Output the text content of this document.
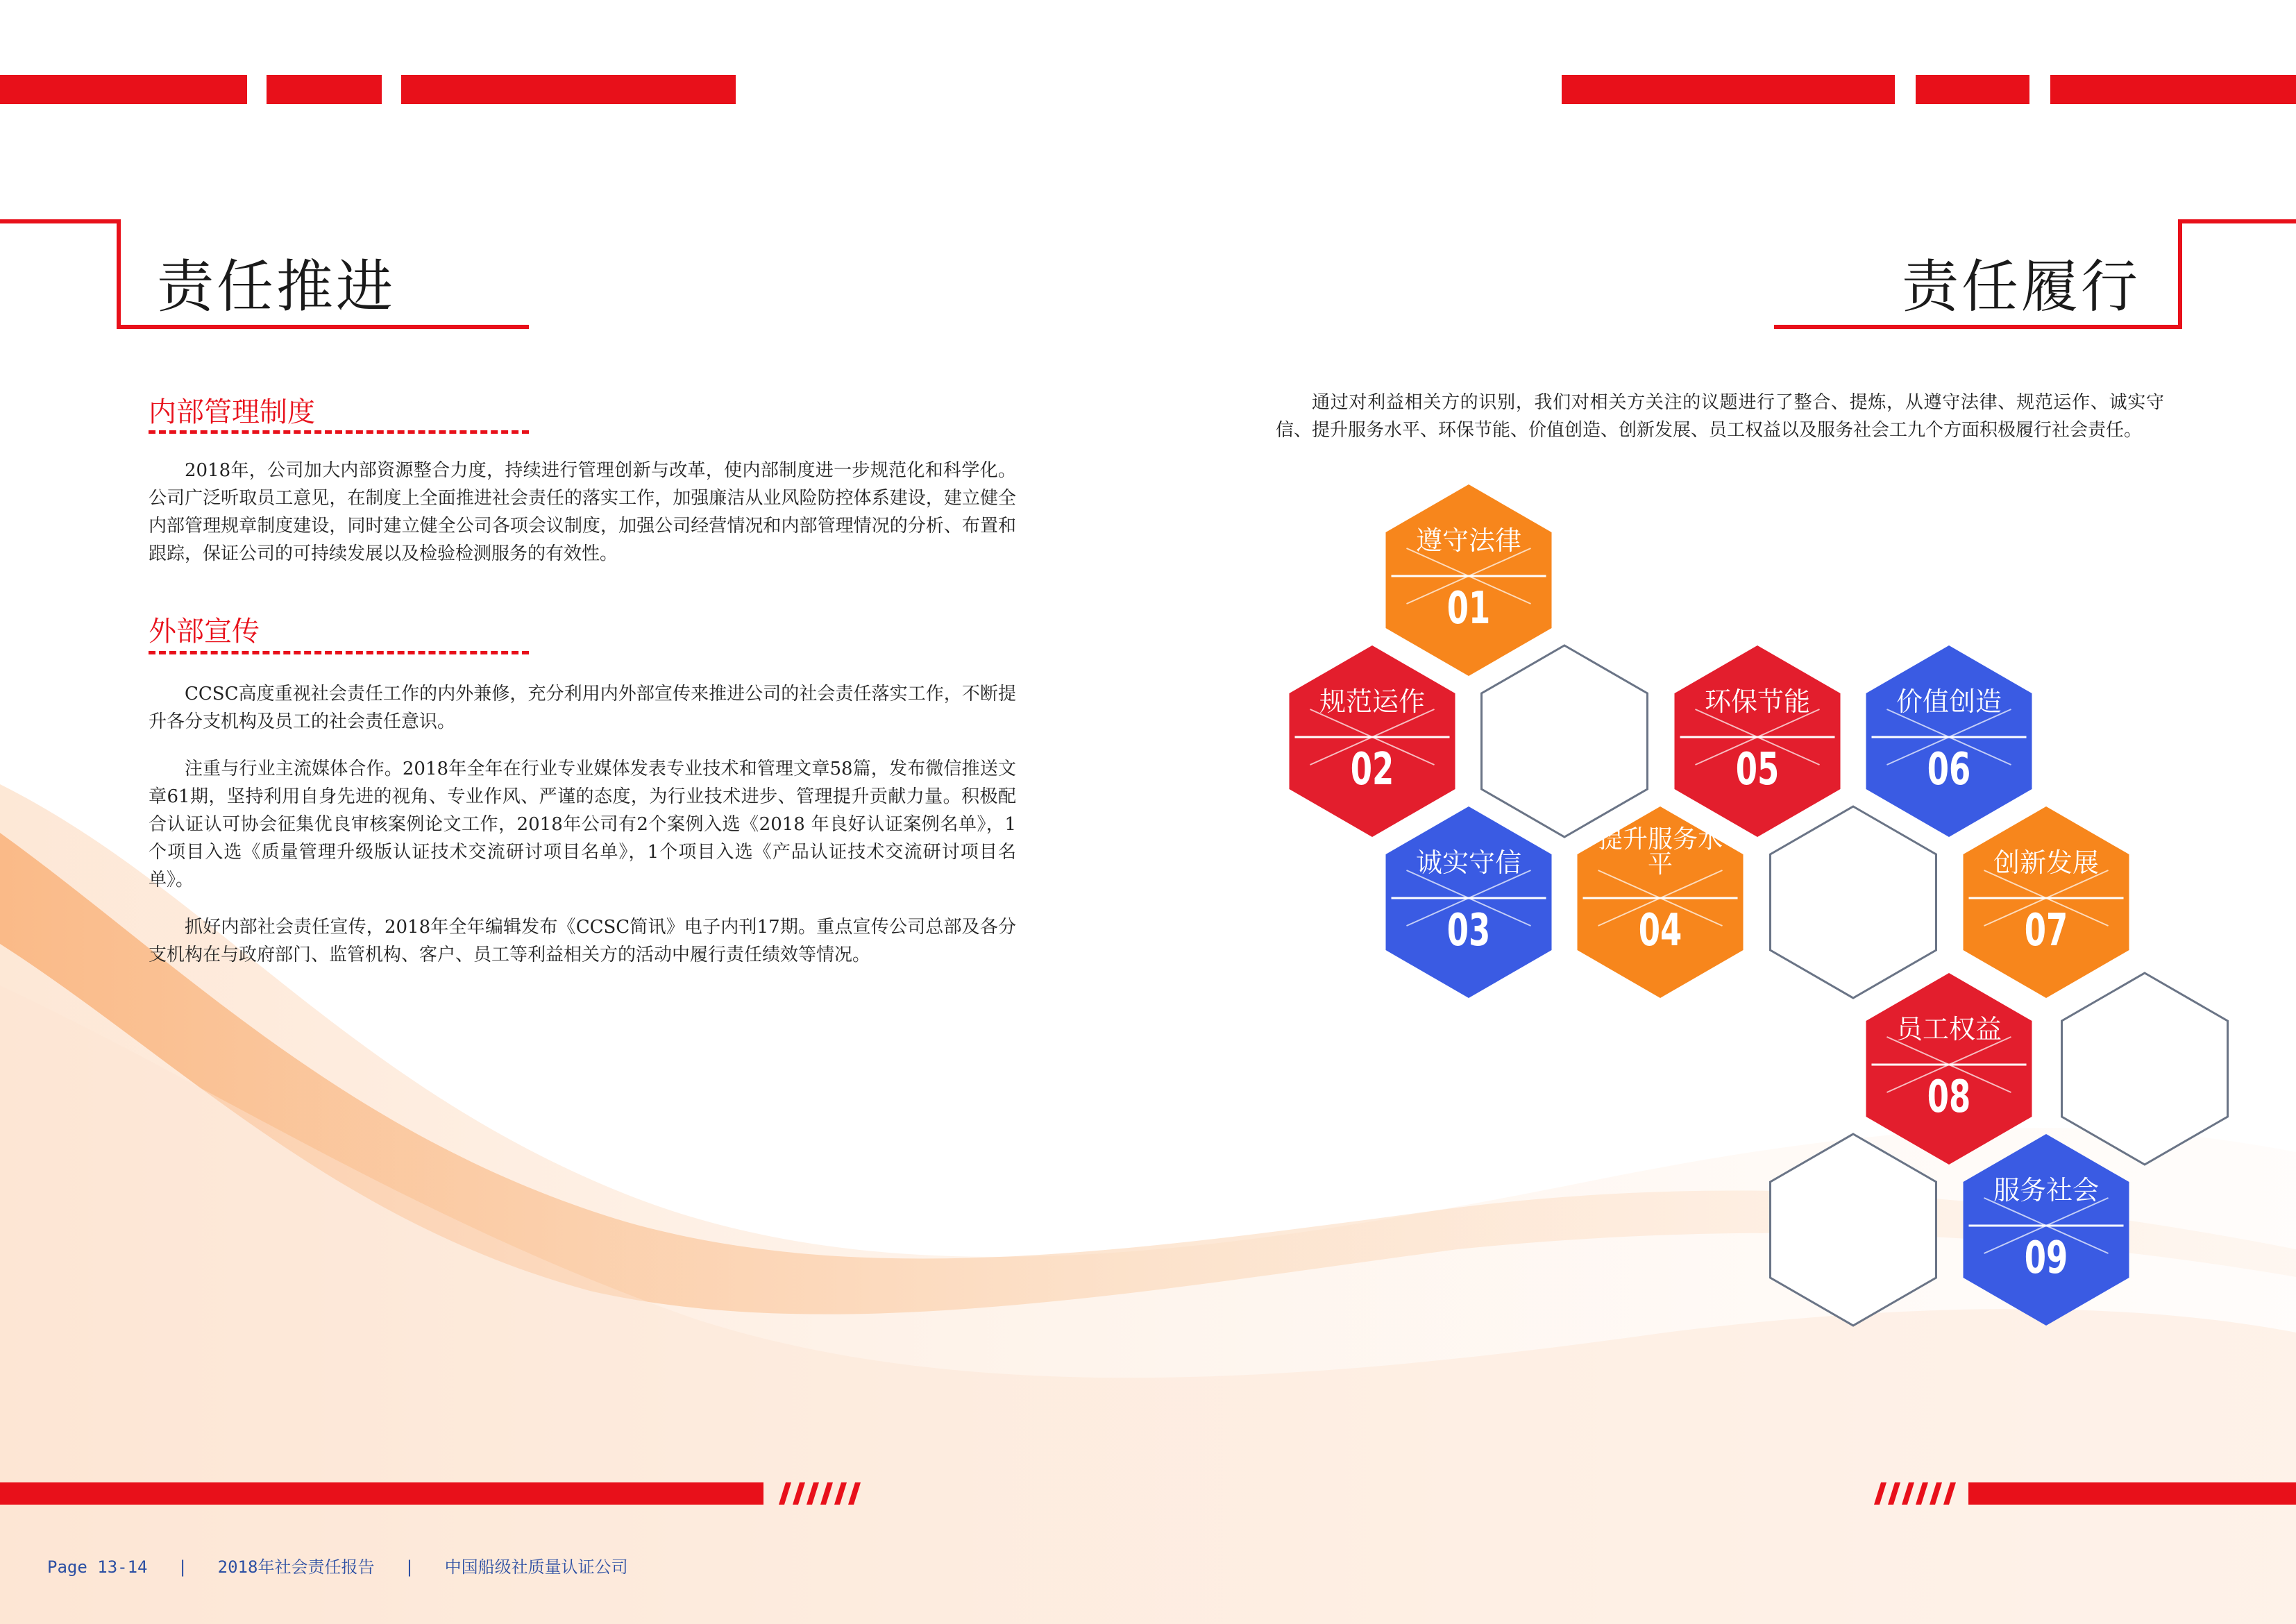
责任推进	责任履行
内部管理制度

2018年，公司加大内部资源整合力度，持续进行管理创新与改革，使内部制度进一步规范化和科学化。公司广泛听取员工意见，在制度上全面推进社会责任的落实工作，加强廉洁从业风险防控体系建设，建立健全内部管理规章制度建设，同时建立健全公司各项会议制度，加强公司经营情况和内部管理情况的分析、布置和跟踪，保证公司的可持续发展以及检验检测服务的有效性。

外部宣传

CCSC高度重视社会责任工作的内外兼修，充分利用内外部宣传来推进公司的社会责任落实工作，不断提升各分支机构及员工的社会责任意识。

注重与行业主流媒体合作。2018年全年在行业专业媒体发表专业技术和管理文章58篇，发布微信推送文章61期，坚持利用自身先进的视角、专业作风、严谨的态度，为行业技术进步、管理提升贡献力量。积极配合认证认可协会征集优良审核案例论文工作，2018年公司有2个案例入选《2018 年良好认证案例名单》，1个项目入选《质量管理升级版认证技术交流研讨项目名单》，1个项目入选《产品认证技术交流研讨项目名单》。

抓好内部社会责任宣传，2018年全年编辑发布《CCSC简讯》电子内刊17期。重点宣传公司总部及各分支机构在与政府部门、监管机构、客户、员工等利益相关方的活动中履行责任绩效等情况。

通过对利益相关方的识别，我们对相关方关注的议题进行了整合、提炼，从遵守法律、规范运作、诚实守信、提升服务水平、环保节能、价值创造、创新发展、员工权益以及服务社会工九个方面积极履行社会责任。

遵守法律
01
规范运作
02
诚实守信
03
提升服务水平
04
环保节能
05
价值创造
06
创新发展
07
员工权益
08
服务社会
09
Page 13-14   |   2018年社会责任报告   |   中国船级社质量认证公司
